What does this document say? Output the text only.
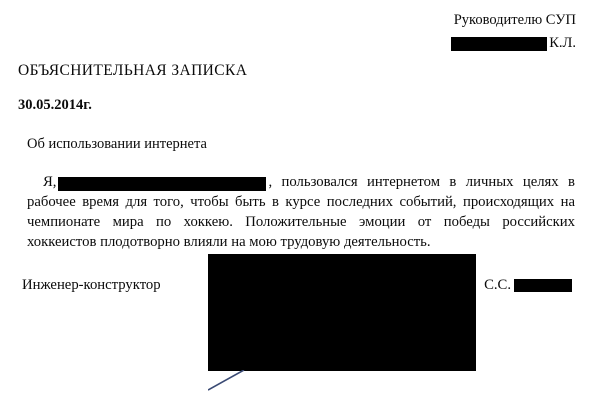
Руководителю СУП
К.Л.
ОБЪЯСНИТЕЛЬНАЯ ЗАПИСКА
30.05.2014г.
Об использовании интернета
Я,	, пользовался интернетом в личных целях в рабочее время для того, чтобы быть в курсе последних событий, происходящих на чемпионате мира по хоккею. Положительные эмоции от победы российских хоккеистов плодотворно влияли на мою трудовую деятельность.
Инженер-конструктор	С.С.
